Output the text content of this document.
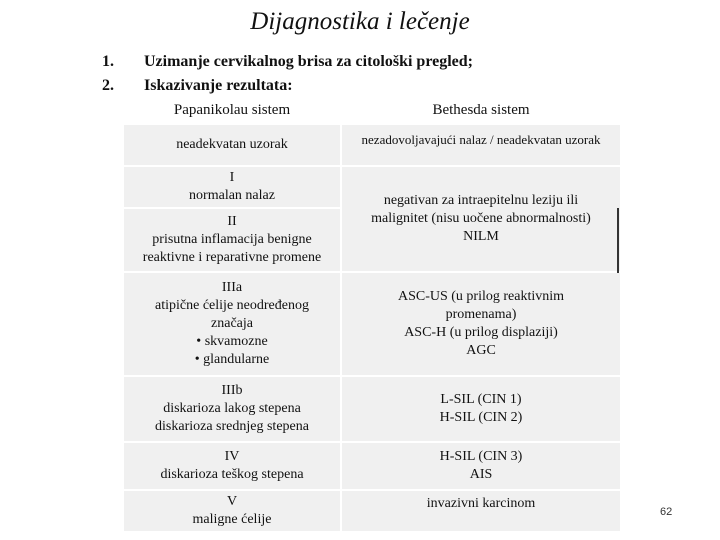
Dijagnostika i lečenje
1. Uzimanje cervikalnog brisa za citološki pregled;
2. Iskazivanje rezultata:
Papanikolau sistem	Bethesda sistem
neadekvatan uzorak
I
normalan nalaz
II
prisutna inflamacija benigne
reaktivne i reparativne promene
IIIa
atipične ćelije neodređenog
značaja
• skvamozne
• glandularne
IIIb
diskarioza lakog stepena
diskarioza srednjeg stepena
IV
diskarioza teškog stepena
V
maligne ćelije
nezadovoljavajući nalaz / neadekvatan uzorak
negativan za intraepitelnu leziju ili
malignitet (nisu uočene abnormalnosti)
NILM
ASC-US (u prilog reaktivnim
promenama)
ASC-H (u prilog displaziji)
AGC
L-SIL (CIN 1)
H-SIL (CIN 2)
H-SIL (CIN 3)
AIS
invazivni karcinom
62
